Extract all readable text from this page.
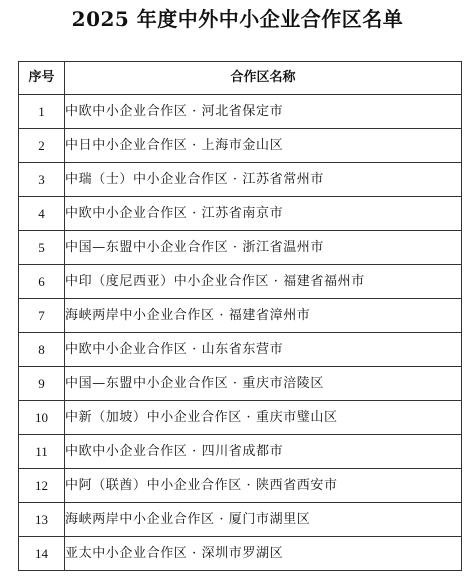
2025 年度中外中小企业合作区名单
序号	合作区名称
1	中欧中小企业合作区 · 河北省保定市
2	中日中小企业合作区 · 上海市金山区
3	中瑞（士）中小企业合作区 · 江苏省常州市
4	中欧中小企业合作区 · 江苏省南京市
5	中国—东盟中小企业合作区 · 浙江省温州市
6	中印（度尼西亚）中小企业合作区 · 福建省福州市
7	海峡两岸中小企业合作区 · 福建省漳州市
8	中欧中小企业合作区 · 山东省东营市
9	中国—东盟中小企业合作区 · 重庆市涪陵区
10	中新（加坡）中小企业合作区 · 重庆市璧山区
11	中欧中小企业合作区 · 四川省成都市
12	中阿（联酋）中小企业合作区 · 陕西省西安市
13	海峡两岸中小企业合作区 · 厦门市湖里区
14	亚太中小企业合作区 · 深圳市罗湖区
